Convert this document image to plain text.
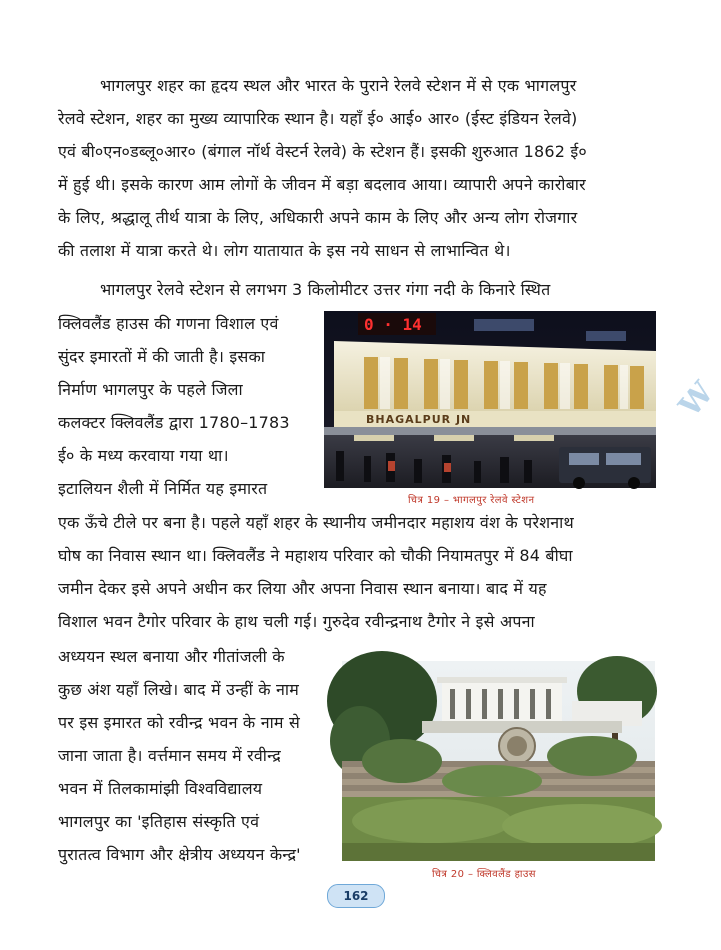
भागलपुर शहर का हृदय स्थल और भारत के पुराने रेलवे स्टेशन में से एक भागलपुर
रेलवे स्टेशन, शहर का मुख्य व्यापारिक स्थान है। यहाँ ई० आई० आर० (ईस्ट इंडियन रेलवे)
एवं बी०एन०डब्लू०आर० (बंगाल नॉर्थ वेस्टर्न रेलवे) के स्टेशन हैं। इसकी शुरुआत 1862 ई०
में हुई थी। इसके कारण आम लोगों के जीवन में बड़ा बदलाव आया। व्यापारी अपने कारोबार
के लिए, श्रद्धालू तीर्थ यात्रा के लिए, अधिकारी अपने काम के लिए और अन्य लोग रोजगार
की तलाश में यात्रा करते थे। लोग यातायात के इस नये साधन से लाभान्वित थे।
भागलपुर रेलवे स्टेशन से लगभग 3 किलोमीटर उत्तर गंगा नदी के किनारे स्थित
क्लिवलैंड हाउस की गणना विशाल एवं
सुंदर इमारतों में की जाती है। इसका
निर्माण भागलपुर के पहले जिला
कलक्टर क्लिवलैंड द्वारा 1780–1783
ई० के मध्य करवाया गया था।
इटालियन शैली में निर्मित यह इमारत
एक ऊँचे टीले पर बना है। पहले यहाँ शहर के स्थानीय जमीनदार महाशय वंश के परेशनाथ
घोष का निवास स्थान था। क्लिवलैंड ने महाशय परिवार को चौकी नियामतपुर में 84 बीघा
जमीन देकर इसे अपने अधीन कर लिया और अपना निवास स्थान बनाया। बाद में यह
विशाल भवन टैगोर परिवार के हाथ चली गई। गुरुदेव रवीन्द्रनाथ टैगोर ने इसे अपना
अध्ययन स्थल बनाया और गीतांजली के
कुछ अंश यहाँ लिखे। बाद में उन्हीं के नाम
पर इस इमारत को रवीन्द्र भवन के नाम से
जाना जाता है। वर्त्तमान समय में रवीन्द्र
भवन में तिलकामांझी विश्वविद्यालय
भागलपुर का 'इतिहास संस्कृति एवं
पुरातत्व विभाग और क्षेत्रीय अध्ययन केन्द्र'
0 · 14
BHAGALPUR JN
चित्र 19 – भागलपुर रेलवे स्टेशन
चित्र 20 – क्लिवलैंड हाउस
W
162
